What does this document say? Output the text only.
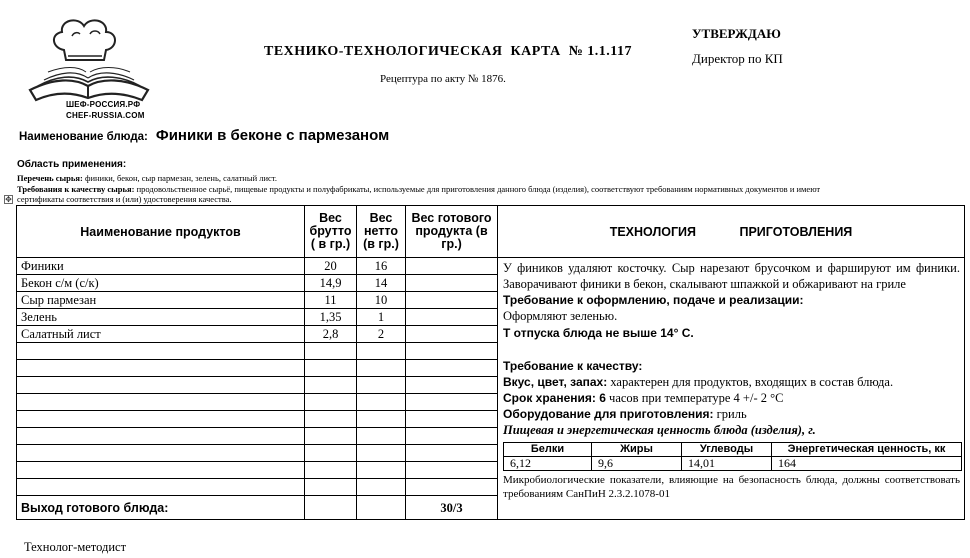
ШЕФ-РОССИЯ.РФ
CHEF-RUSSIA.COM
ТЕХНИКО-ТЕХНОЛОГИЧЕСКАЯ  КАРТА  № 1.1.117
Рецептура по акту № 1876.
УТВЕРЖДАЮ
Директор по КП
Наименование блюда: Финики в беконе с пармезаном
Область применения:
Перечень сырья: финики, бекон, сыр пармезан, зелень, салатный лист.
Требования к качеству сырья: продовольственное сырьё, пищевые продукты и полуфабрикаты, используемые для приготовления данного блюда (изделия), соответствуют требованиям нормативных документов и имеют
сертификаты соответствия и (или) удостоверения качества.
✥
Наименование продуктов	Вес брутто ( в гр.)	Вес нетто (в гр.)	Вес готового продукта (в гр.)	ТЕХНОЛОГИЯ ПРИГОТОВЛЕНИЯ
Финики	20	16		У фиников удаляют косточку. Сыр нарезают брусочком и фаршируют им финики. Заворачивают финики в бекон, скалывают шпажкой и обжаривают на гриле
Требование к оформлению, подаче и реализации:
Оформляют зеленью.
Т отпуска блюда не выше 14° С.
Требование к качеству:
Вкус, цвет, запах: характерен для продуктов, входящих в состав блюда.
Срок хранения: 6 часов при температуре 4 +/- 2 °С
Оборудование для приготовления: гриль
Пищевая и энергетическая ценность блюда (изделия), г.
Белки	Жиры	Углеводы	Энергетическая ценность, кк
6,12	9,6	14,01	164
Микробиологические показатели, влияющие на безопасность блюда, должны соответствовать требованиям СанПиН 2.3.2.1078-01

Бекон с/м (с/к)	14,9	14	
Сыр пармезан	11	10	
Зелень	1,35	1	
Салатный лист	2,8	2	

Выход готового блюда:			30/3
Технолог-методист
